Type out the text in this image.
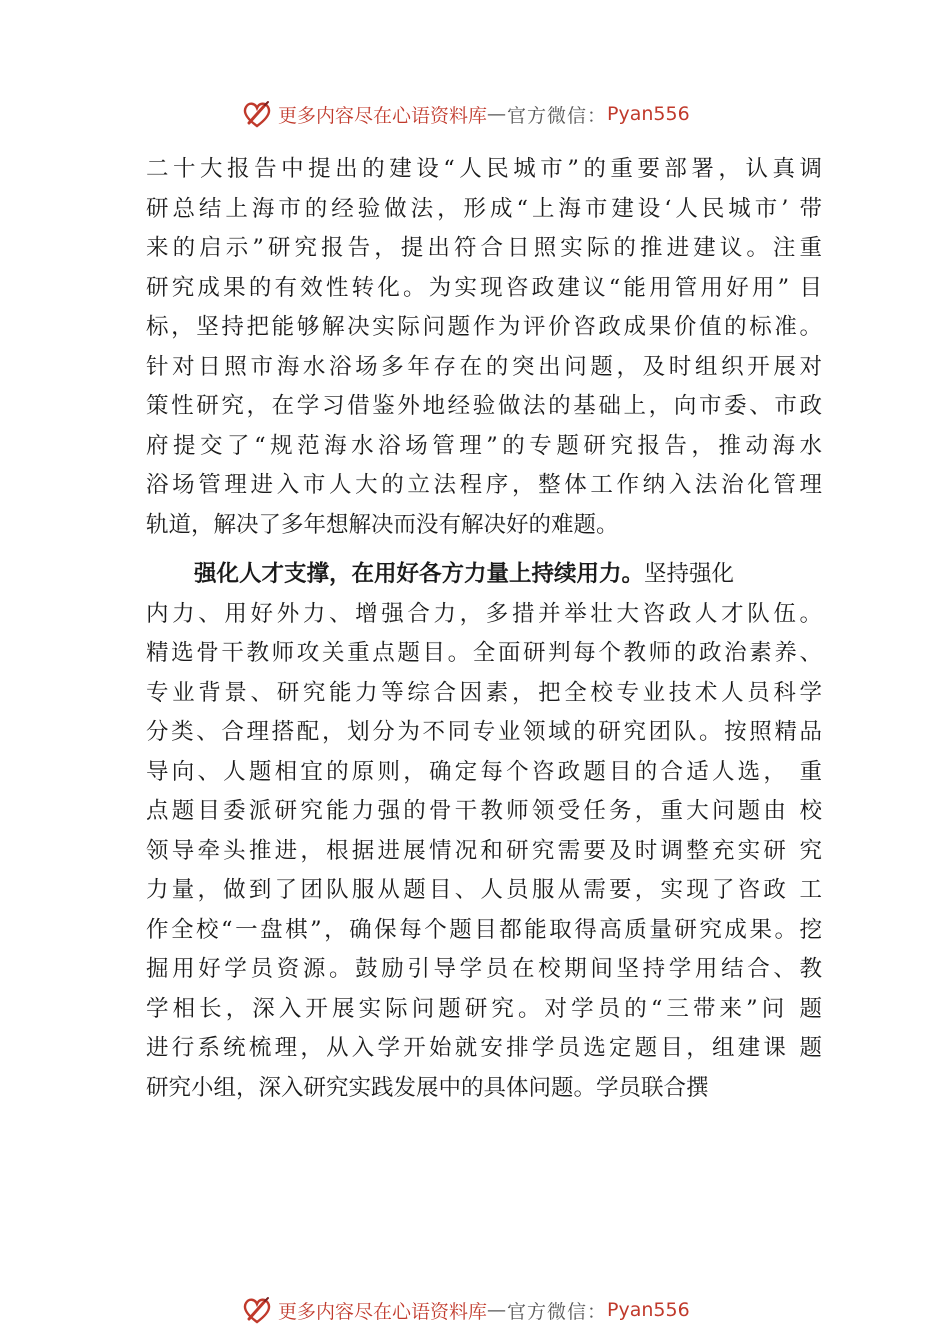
更多内容尽在心语资料库 — 官方微信： Pyan556
二十大报告中提出的建设“人民城市”的重要部署，认真调
研总结上海市的经验做法，形成“上海市建设‘人民城市’ 带
来的启示”研究报告，提出符合日照实际的推进建议。注重
研究成果的有效性转化。为实现咨政建议“能用管用好用” 目
标，坚持把能够解决实际问题作为评价咨政成果价值的标准。
针对日照市海水浴场多年存在的突出问题，及时组织开展对
策性研究，在学习借鉴外地经验做法的基础上，向市委、市政
府提交了“规范海水浴场管理”的专题研究报告，推动海水
浴场管理进入市人大的立法程序，整体工作纳入法治化管理
轨道，解决了多年想解决而没有解决好的难题。
强化人才支撑，在用好各方力量上持续用力。坚持强化
内力、用好外力、增强合力，多措并举壮大咨政人才队伍。
精选骨干教师攻关重点题目。全面研判每个教师的政治素养、
专业背景、研究能力等综合因素，把全校专业技术人员科学
分类、合理搭配，划分为不同专业领域的研究团队。按照精品
导向、人题相宜的原则，确定每个咨政题目的合适人选， 重
点题目委派研究能力强的骨干教师领受任务，重大问题由 校
领导牵头推进，根据进展情况和研究需要及时调整充实研 究
力量，做到了团队服从题目、人员服从需要，实现了咨政 工
作全校“一盘棋”，确保每个题目都能取得高质量研究成果。挖
掘用好学员资源。鼓励引导学员在校期间坚持学用结合、教
学相长，深入开展实际问题研究。对学员的“三带来”问 题
进行系统梳理，从入学开始就安排学员选定题目，组建课 题
研究小组，深入研究实践发展中的具体问题。学员联合撰
更多内容尽在心语资料库 — 官方微信： Pyan556
